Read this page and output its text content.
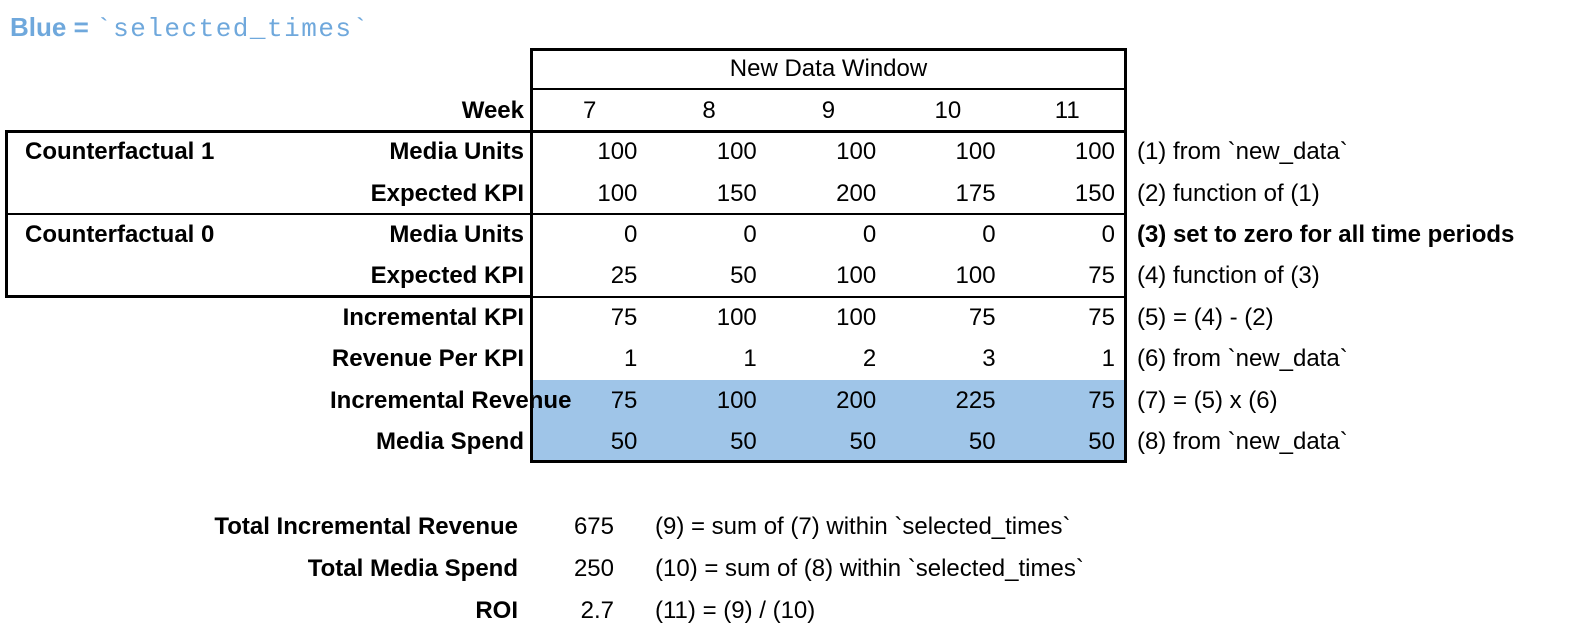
Blue = `selected_times`
New Data Window
Week	7	8	9	10	11
Counterfactual 1	Media Units	100	100	100	100	100 (1) from `new_data`
Expected KPI	100	150	200	175	150 (2) function of (1)
Counterfactual 0	Media Units	0	0	0	0	0 (3) set to zero for all time periods
Expected KPI	25	50	100	100	75 (4) function of (3)
Incremental KPI	75	100	100	75	75 (5) = (4) - (2)
Revenue Per KPI	1	1	2	3	1 (6) from `new_data`
Incremental Revenue	75	100	200	225	75 (7) = (5) x (6)
Media Spend	50	50	50	50	50 (8) from `new_data`
Total Incremental Revenue	675 (9) = sum of (7) within `selected_times`
Total Media Spend	250 (10) = sum of (8) within `selected_times`
ROI	2.7 (11) = (9) / (10)
